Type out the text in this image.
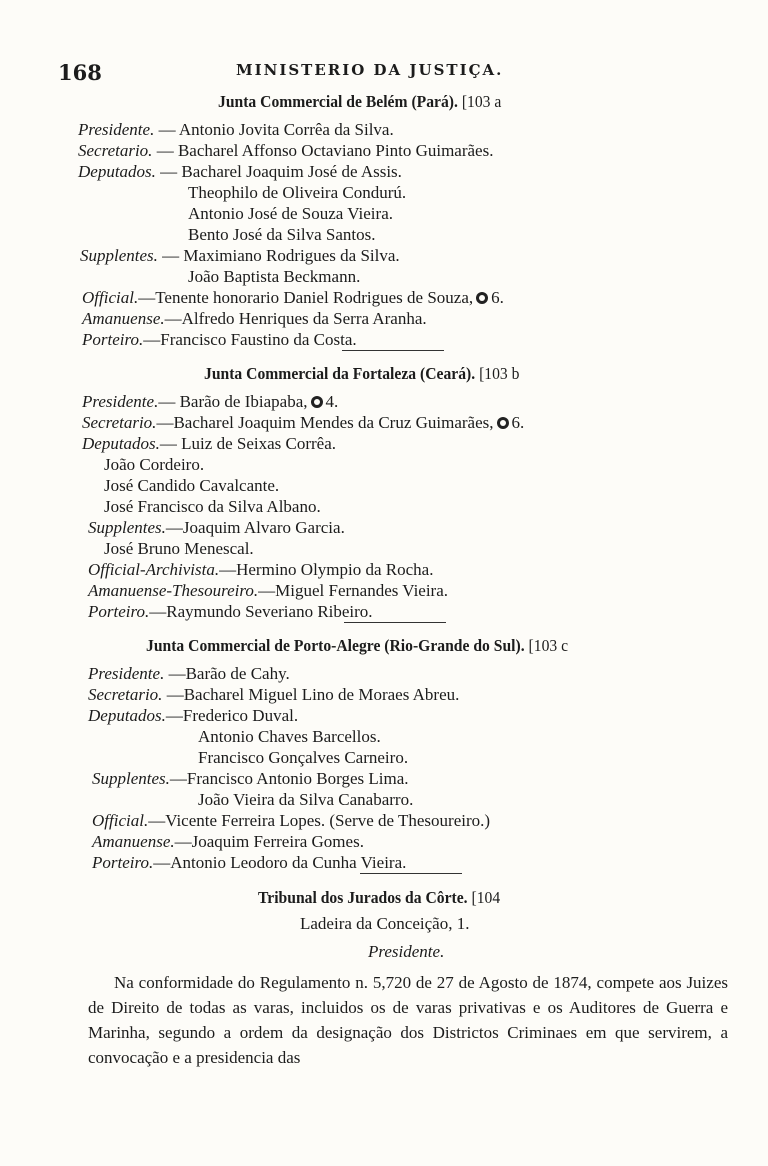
168	MINISTERIO DA JUSTIÇA.
Junta Commercial de Belém (Pará). [103 a
Presidente. — Antonio Jovita Corrêa da Silva.
Secretario. — Bacharel Affonso Octaviano Pinto Guimarães.
Deputados. — Bacharel Joaquim José de Assis.
Theophilo de Oliveira Condurú.
Antonio José de Souza Vieira.
Bento José da Silva Santos.
Supplentes. — Maximiano Rodrigues da Silva.
João Baptista Beckmann.
Official.—Tenente honorario Daniel Rodrigues de Souza, 6.
Amanuense.—Alfredo Henriques da Serra Aranha.
Porteiro.—Francisco Faustino da Costa.
Junta Commercial da Fortaleza (Ceará). [103 b
Presidente.— Barão de Ibiapaba, 4.
Secretario.—Bacharel Joaquim Mendes da Cruz Guimarães, 6.
Deputados.— Luiz de Seixas Corrêa.
João Cordeiro.
José Candido Cavalcante.
José Francisco da Silva Albano.
Supplentes.—Joaquim Alvaro Garcia.
José Bruno Menescal.
Official-Archivista.—Hermino Olympio da Rocha.
Amanuense-Thesoureiro.—Miguel Fernandes Vieira.
Porteiro.—Raymundo Severiano Ribeiro.
Junta Commercial de Porto-Alegre (Rio-Grande do Sul). [103 c
Presidente. —Barão de Cahy.
Secretario. —Bacharel Miguel Lino de Moraes Abreu.
Deputados.—Frederico Duval.
Antonio Chaves Barcellos.
Francisco Gonçalves Carneiro.
Supplentes.—Francisco Antonio Borges Lima.
João Vieira da Silva Canabarro.
Official.—Vicente Ferreira Lopes. (Serve de Thesoureiro.)
Amanuense.—Joaquim Ferreira Gomes.
Porteiro.—Antonio Leodoro da Cunha Vieira.
Tribunal dos Jurados da Côrte. [104
Ladeira da Conceição, 1.
Presidente.

Na conformidade do Regulamento n. 5,720 de 27 de Agosto de 1874, compete aos Juizes de Direito de todas as varas, incluidos os de varas privativas e os Auditores de Guerra e Marinha, segundo a ordem da designação dos Districtos Criminaes em que servirem, a convocação e a presidencia das
